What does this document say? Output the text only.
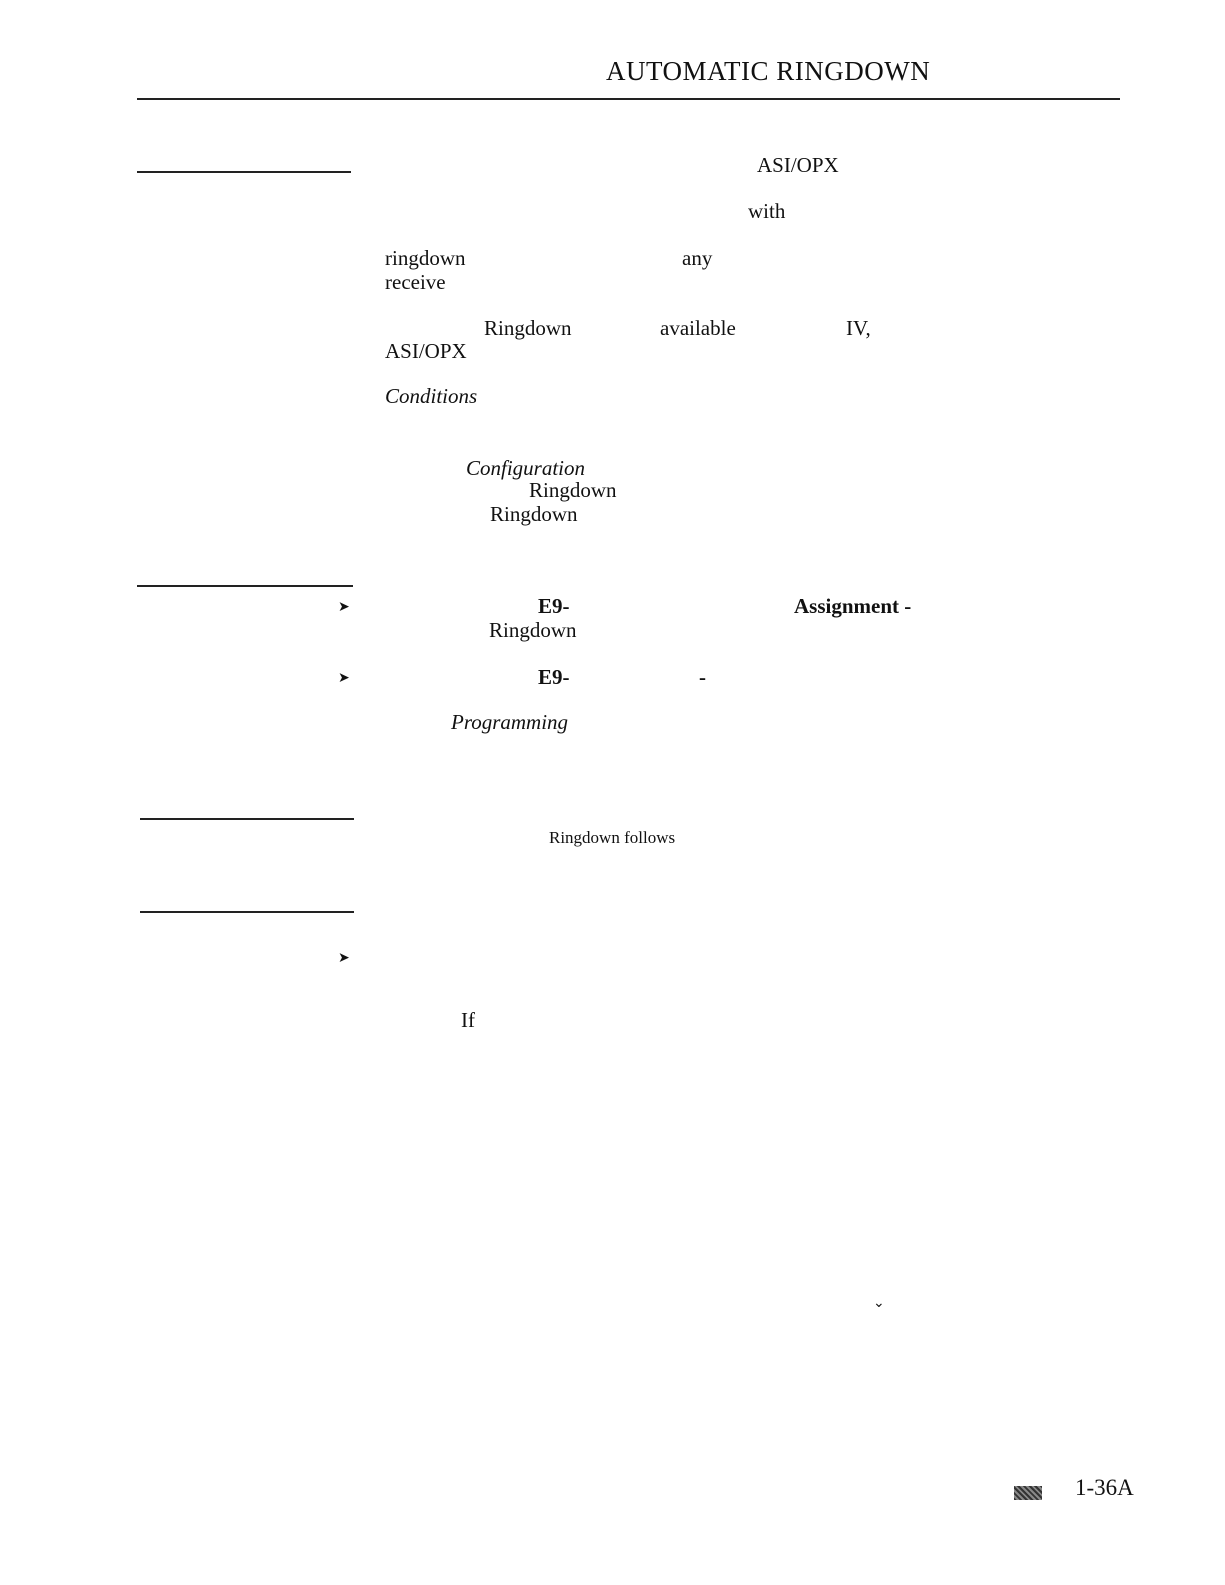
AUTOMATIC RINGDOWN
➤
➤
➤
ASI/OPX
with
ringdown	any
receive
Ringdown	available	IV,
ASI/OPX
Conditions
Configuration
Ringdown
Ringdown
E9-	Assignment -
Ringdown
E9-	-
Programming
Ringdown follows
If
⌄
1-36A
